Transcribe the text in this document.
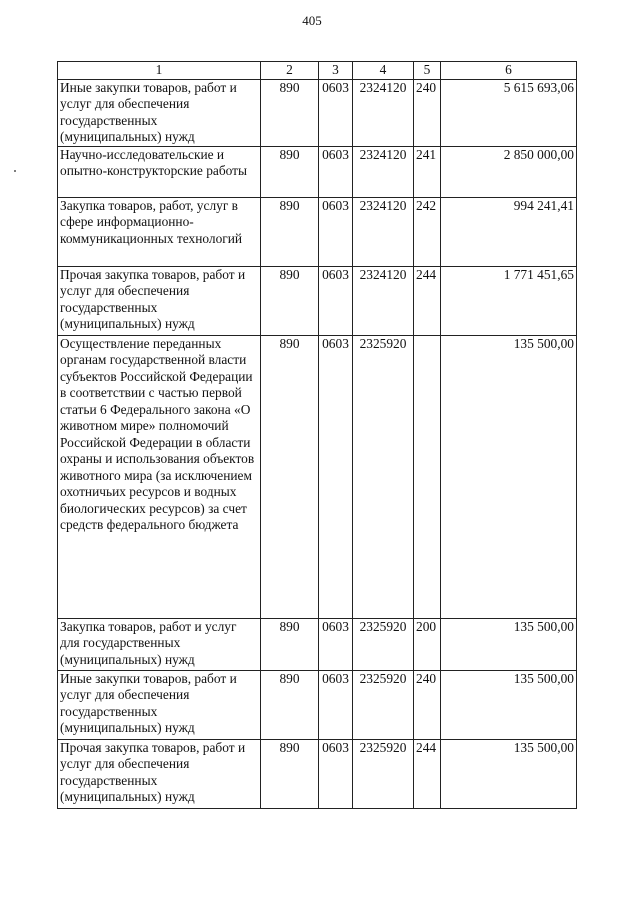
405
1	2	3	4	5	6
Иные закупки товаров, работ и услуг для обеспечения государственных (муниципальных) нужд	890	0603	2324120	240	5 615 693,06
Научно-исследовательские и опытно-конструкторские работы	890	0603	2324120	241	2 850 000,00
Закупка товаров, работ, услуг в сфере информационно-коммуникационных технологий	890	0603	2324120	242	994 241,41
Прочая закупка товаров, работ и услуг для обеспечения государственных (муниципальных) нужд	890	0603	2324120	244	1 771 451,65
Осуществление переданных органам государственной власти субъектов Российской Федерации в соответствии с частью первой статьи 6 Федерального закона «О животном мире» полномочий Российской Федерации в области охраны и использования объектов животного мира (за исключением охотничьих ресурсов и водных биологических ресурсов) за счет средств федерального бюджета	890	0603	2325920		135 500,00
Закупка товаров, работ и услуг для государственных (муниципальных) нужд	890	0603	2325920	200	135 500,00
Иные закупки товаров, работ и услуг для обеспечения государственных (муниципальных) нужд	890	0603	2325920	240	135 500,00
Прочая закупка товаров, работ и услуг для обеспечения государственных (муниципальных) нужд	890	0603	2325920	244	135 500,00
